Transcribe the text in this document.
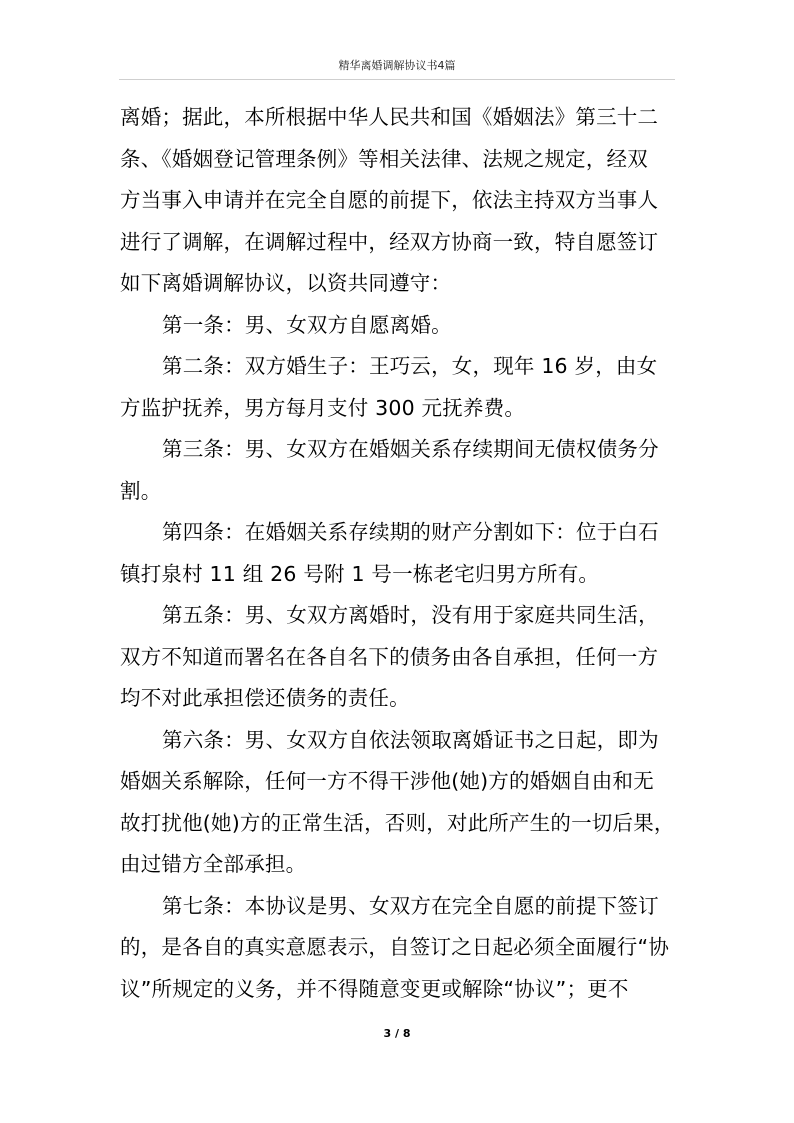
精华离婚调解协议书4篇
离婚；据此，本所根据中华人民共和国《婚姻法》第三十二
条、《婚姻登记管理条例》等相关法律、法规之规定，经双
方当事入申请并在完全自愿的前提下，依法主持双方当事人
进行了调解，在调解过程中，经双方协商一致，特自愿签订
如下离婚调解协议，以资共同遵守：
第一条：男、女双方自愿离婚。
第二条：双方婚生子：王巧云，女，现年 16 岁，由女
方监护抚养，男方每月支付 300 元抚养费。
第三条：男、女双方在婚姻关系存续期间无债权债务分
割。
第四条：在婚姻关系存续期的财产分割如下：位于白石
镇打泉村 11 组 26 号附 1 号一栋老宅归男方所有。
第五条：男、女双方离婚时，没有用于家庭共同生活，
双方不知道而署名在各自名下的债务由各自承担，任何一方
均不对此承担偿还债务的责任。
第六条：男、女双方自依法领取离婚证书之日起，即为
婚姻关系解除，任何一方不得干涉他(她)方的婚姻自由和无
故打扰他(她)方的正常生活，否则，对此所产生的一切后果，
由过错方全部承担。
第七条：本协议是男、女双方在完全自愿的前提下签订
的，是各自的真实意愿表示，自签订之日起必须全面履行“协
议”所规定的义务，并不得随意变更或解除“协议”；更不
3 / 8
